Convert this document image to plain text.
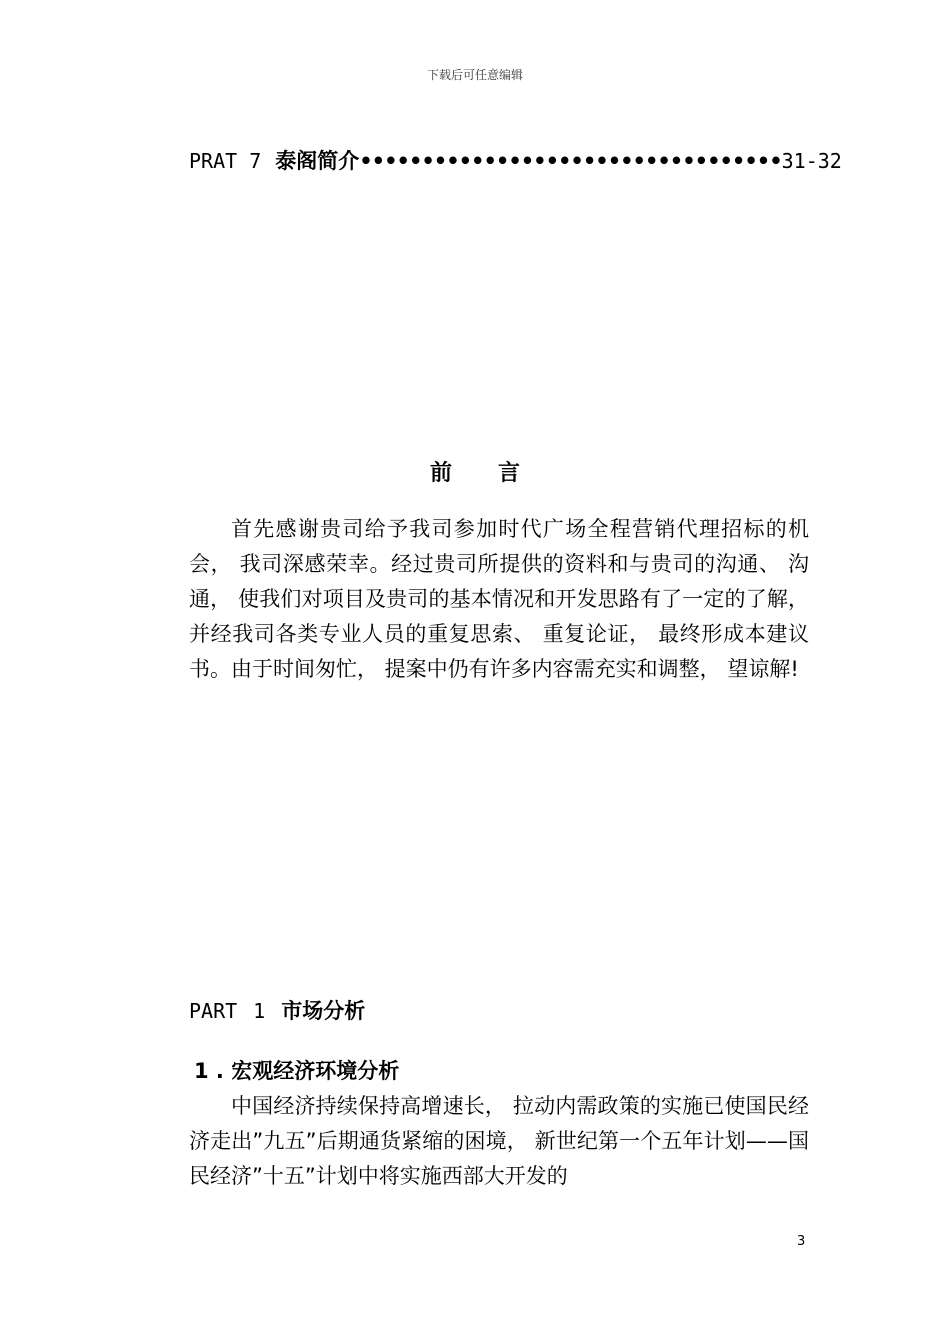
下载后可任意编辑
PRAT 7 泰阁简介••••••••••••••••••••••••••••••••••31-32
前言

首先感谢贵司给予我司参加时代广场全程营销代理招标的机会， 我司深感荣幸。经过贵司所提供的资料和与贵司的沟通、 沟通， 使我们对项目及贵司的基本情况和开发思路有了一定的了解， 并经我司各类专业人员的重复思索、 重复论证， 最终形成本建议书。由于时间匆忙， 提案中仍有许多内容需充实和调整， 望谅解!

PART 1 市场分析
1 . 宏观经济环境分析

中国经济持续保持高增速长， 拉动内需政策的实施已使国民经济走出”九五”后期通货紧缩的困境， 新世纪第一个五年计划——国民经济”十五”计划中将实施西部大开发的

3
